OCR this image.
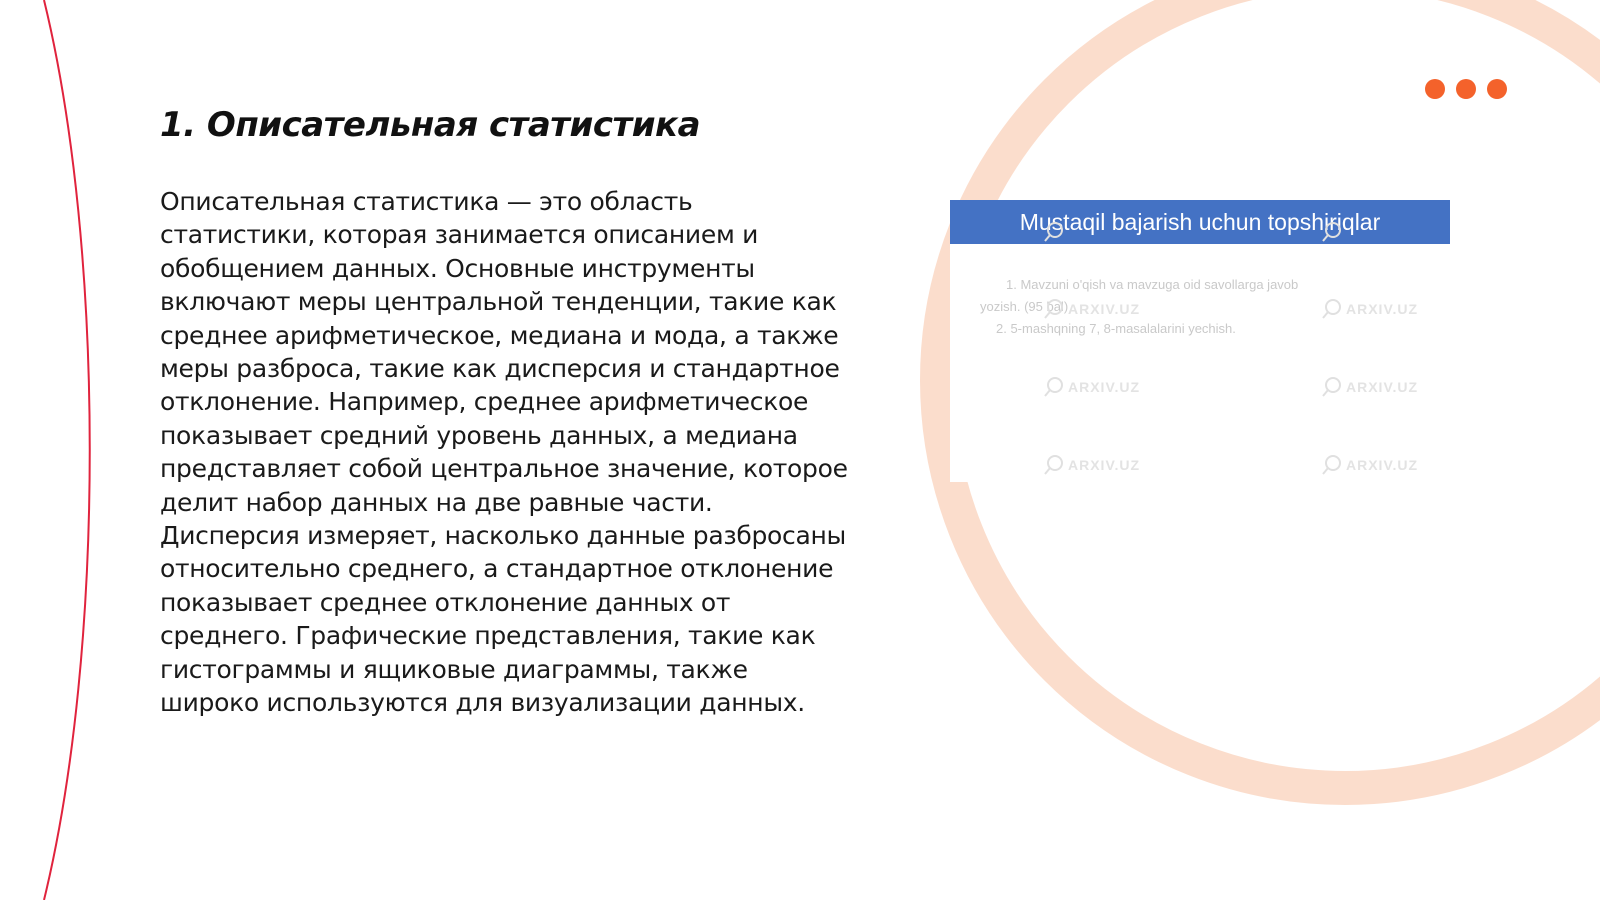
1. Описательная статистика

Описательная статистика — это область статистики, которая занимается описанием и обобщением данных. Основные инструменты включают меры центральной тенденции, такие как среднее арифметическое, медиана и мода, а также меры разброса, такие как дисперсия и стандартное отклонение. Например, среднее арифметическое показывает средний уровень данных, а медиана представляет собой центральное значение, которое делит набор данных на две равные части. Дисперсия измеряет, насколько данные разбросаны относительно среднего, а стандартное отклонение показывает среднее отклонение данных от среднего. Графические представления, такие как гистограммы и ящиковые диаграммы, также широко используются для визуализации данных.

Mustaqil bajarish uchun topshiriqlar
1. Mavzuni o'qish va mavzuga oid savollarga javob
yozish. (95 bal)
2. 5-mashqning 7, 8-masalalarini yechish.
ARXIV.UZ	ARXIV.UZ
ARXIV.UZ	ARXIV.UZ
ARXIV.UZ	ARXIV.UZ
